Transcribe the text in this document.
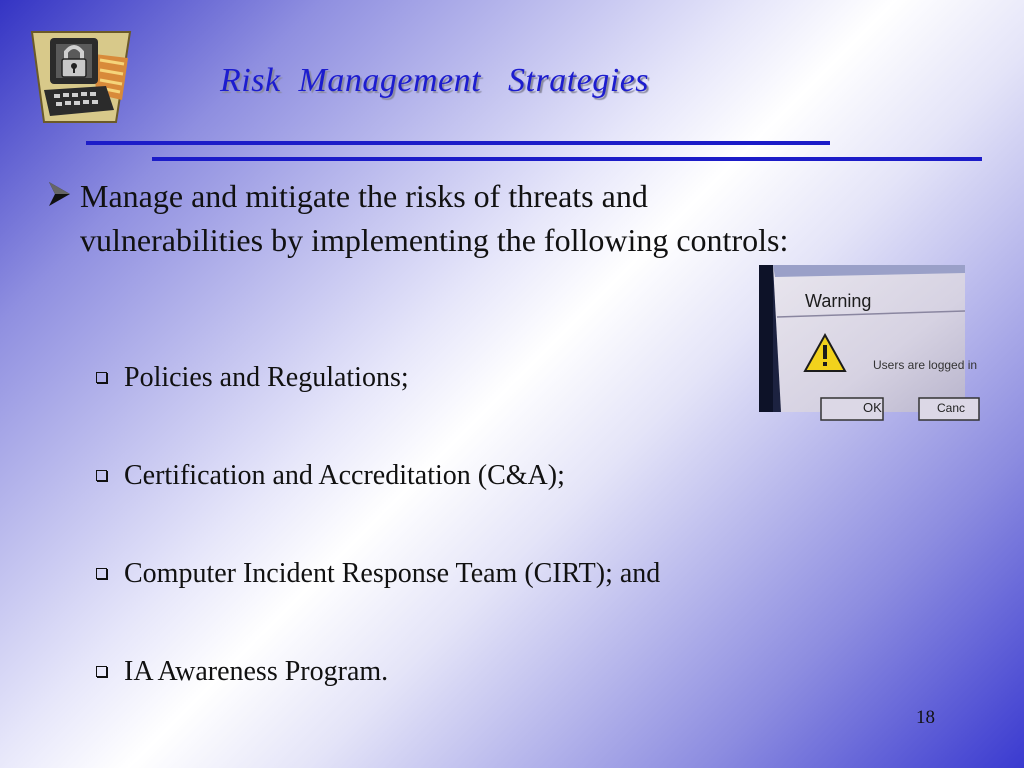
Risk  Management   Strategies
Manage and mitigate the risks of threats and vulnerabilities by implementing the following controls:
Policies and Regulations;
Certification and Accreditation (C&A);
Computer Incident Response Team (CIRT); and
IA Awareness Program.
Warning
Users are logged in
OK	Canc
18
